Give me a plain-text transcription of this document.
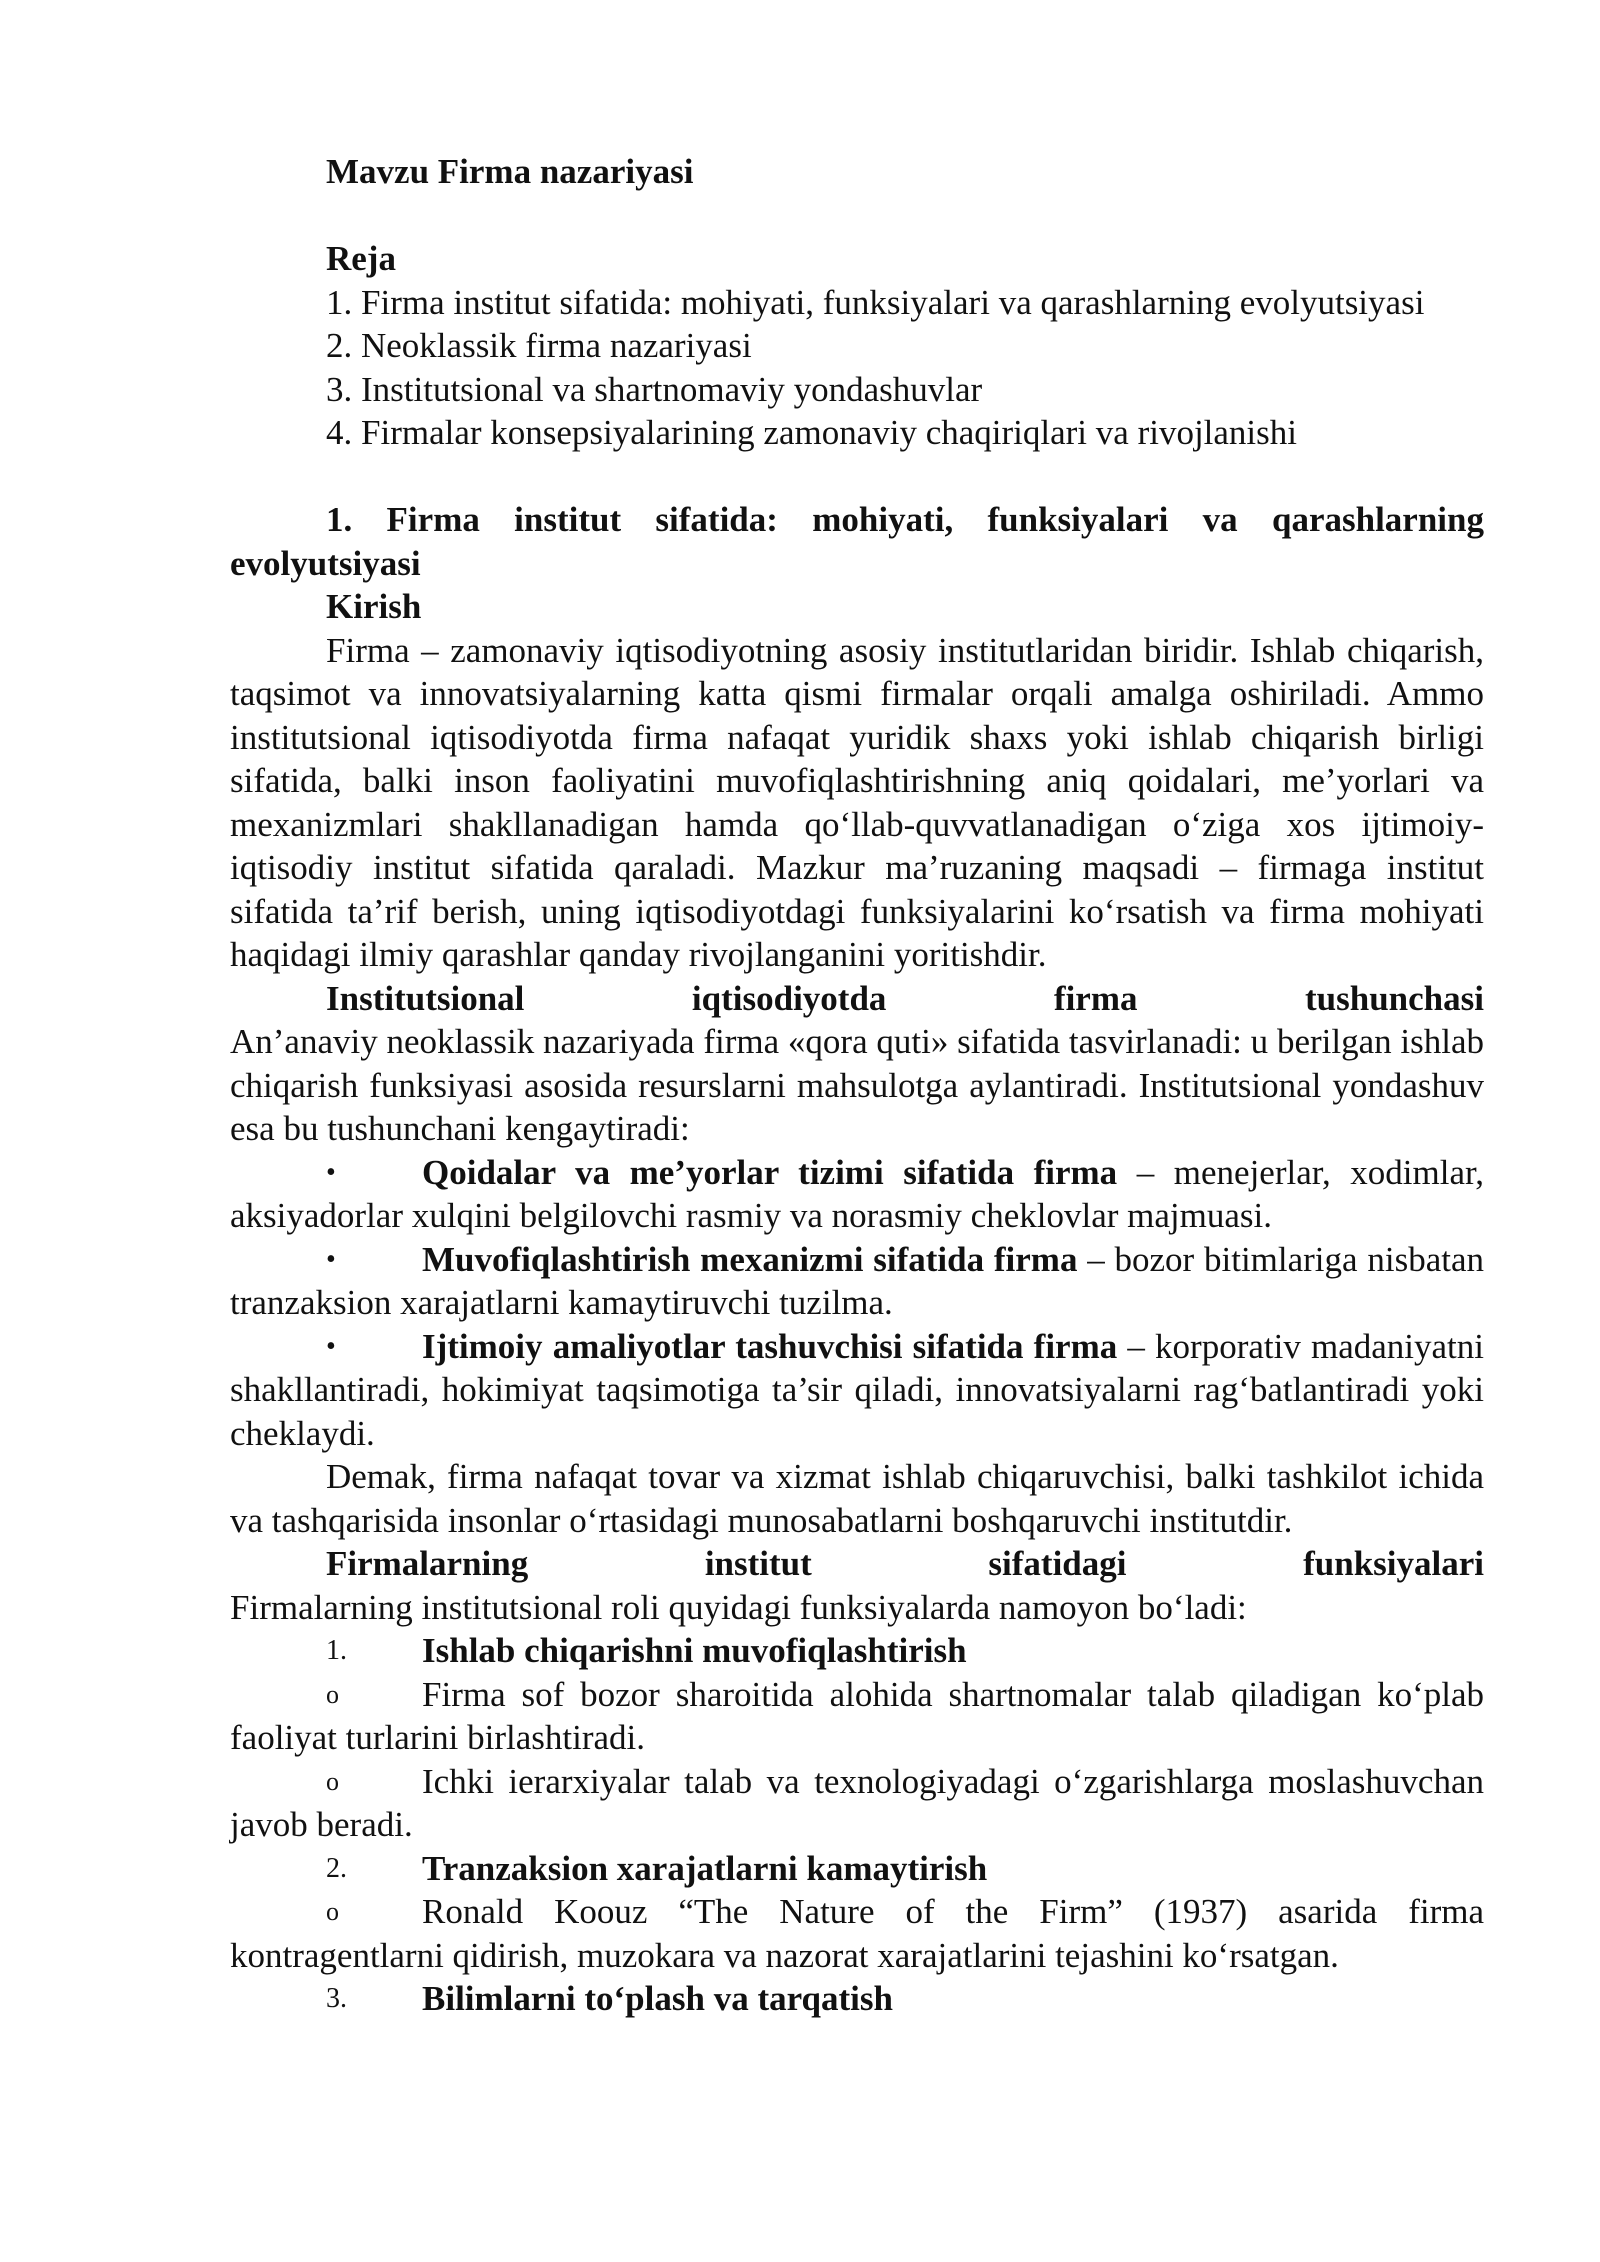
Mavzu Firma nazariyasi

Reja

1. Firma institut sifatida: mohiyati, funksiyalari va qarashlarning evolyutsiyasi

2. Neoklassik firma nazariyasi

3. Institutsional va shartnomaviy yondashuvlar

4. Firmalar konsepsiyalarining zamonaviy chaqiriqlari va rivojlanishi

1. Firma institut sifatida: mohiyati, funksiyalari va qarashlarning evolyutsiyasi

Kirish

Firma – zamonaviy iqtisodiyotning asosiy institutlaridan biridir. Ishlab chiqarish, taqsimot va innovatsiyalarning katta qismi firmalar orqali amalga oshiriladi. Ammo institutsional iqtisodiyotda firma nafaqat yuridik shaxs yoki ishlab chiqarish birligi sifatida, balki inson faoliyatini muvofiqlashtirishning aniq qoidalari, me’yorlari va mexanizmlari shakllanadigan hamda qo‘llab-quvvatlanadigan o‘ziga xos ijtimoiy-iqtisodiy institut sifatida qaraladi. Mazkur ma’ruzaning maqsadi – firmaga institut sifatida ta’rif berish, uning iqtisodiyotdagi funksiyalarini ko‘rsatish va firma mohiyati haqidagi ilmiy qarashlar qanday rivojlanganini yoritishdir.

Institutsional iqtisodiyotda firma tushunchasi

An’anaviy neoklassik nazariyada firma «qora quti» sifatida tasvirlanadi: u berilgan ishlab chiqarish funksiyasi asosida resurslarni mahsulotga aylantiradi. Institutsional yondashuv esa bu tushunchani kengaytiradi:

• Qoidalar va me’yorlar tizimi sifatida firma – menejerlar, xodimlar, aksiyadorlar xulqini belgilovchi rasmiy va norasmiy cheklovlar majmuasi.

• Muvofiqlashtirish mexanizmi sifatida firma – bozor bitimlariga nisbatan tranzaksion xarajatlarni kamaytiruvchi tuzilma.

• Ijtimoiy amaliyotlar tashuvchisi sifatida firma – korporativ madaniyatni shakllantiradi, hokimiyat taqsimotiga ta’sir qiladi, innovatsiyalarni rag‘batlantiradi yoki cheklaydi.

Demak, firma nafaqat tovar va xizmat ishlab chiqaruvchisi, balki tashkilot ichida va tashqarisida insonlar o‘rtasidagi munosabatlarni boshqaruvchi institutdir.

Firmalarning institut sifatidagi funksiyalari

Firmalarning institutsional roli quyidagi funksiyalarda namoyon bo‘ladi:

1. Ishlab chiqarishni muvofiqlashtirish

o Firma sof bozor sharoitida alohida shartnomalar talab qiladigan ko‘plab faoliyat turlarini birlashtiradi.

o Ichki ierarxiyalar talab va texnologiyadagi o‘zgarishlarga moslashuvchan javob beradi.

2. Tranzaksion xarajatlarni kamaytirish

o Ronald Koouz “The Nature of the Firm” (1937) asarida firma kontragentlarni qidirish, muzokara va nazorat xarajatlarini tejashini ko‘rsatgan.

3. Bilimlarni to‘plash va tarqatish
